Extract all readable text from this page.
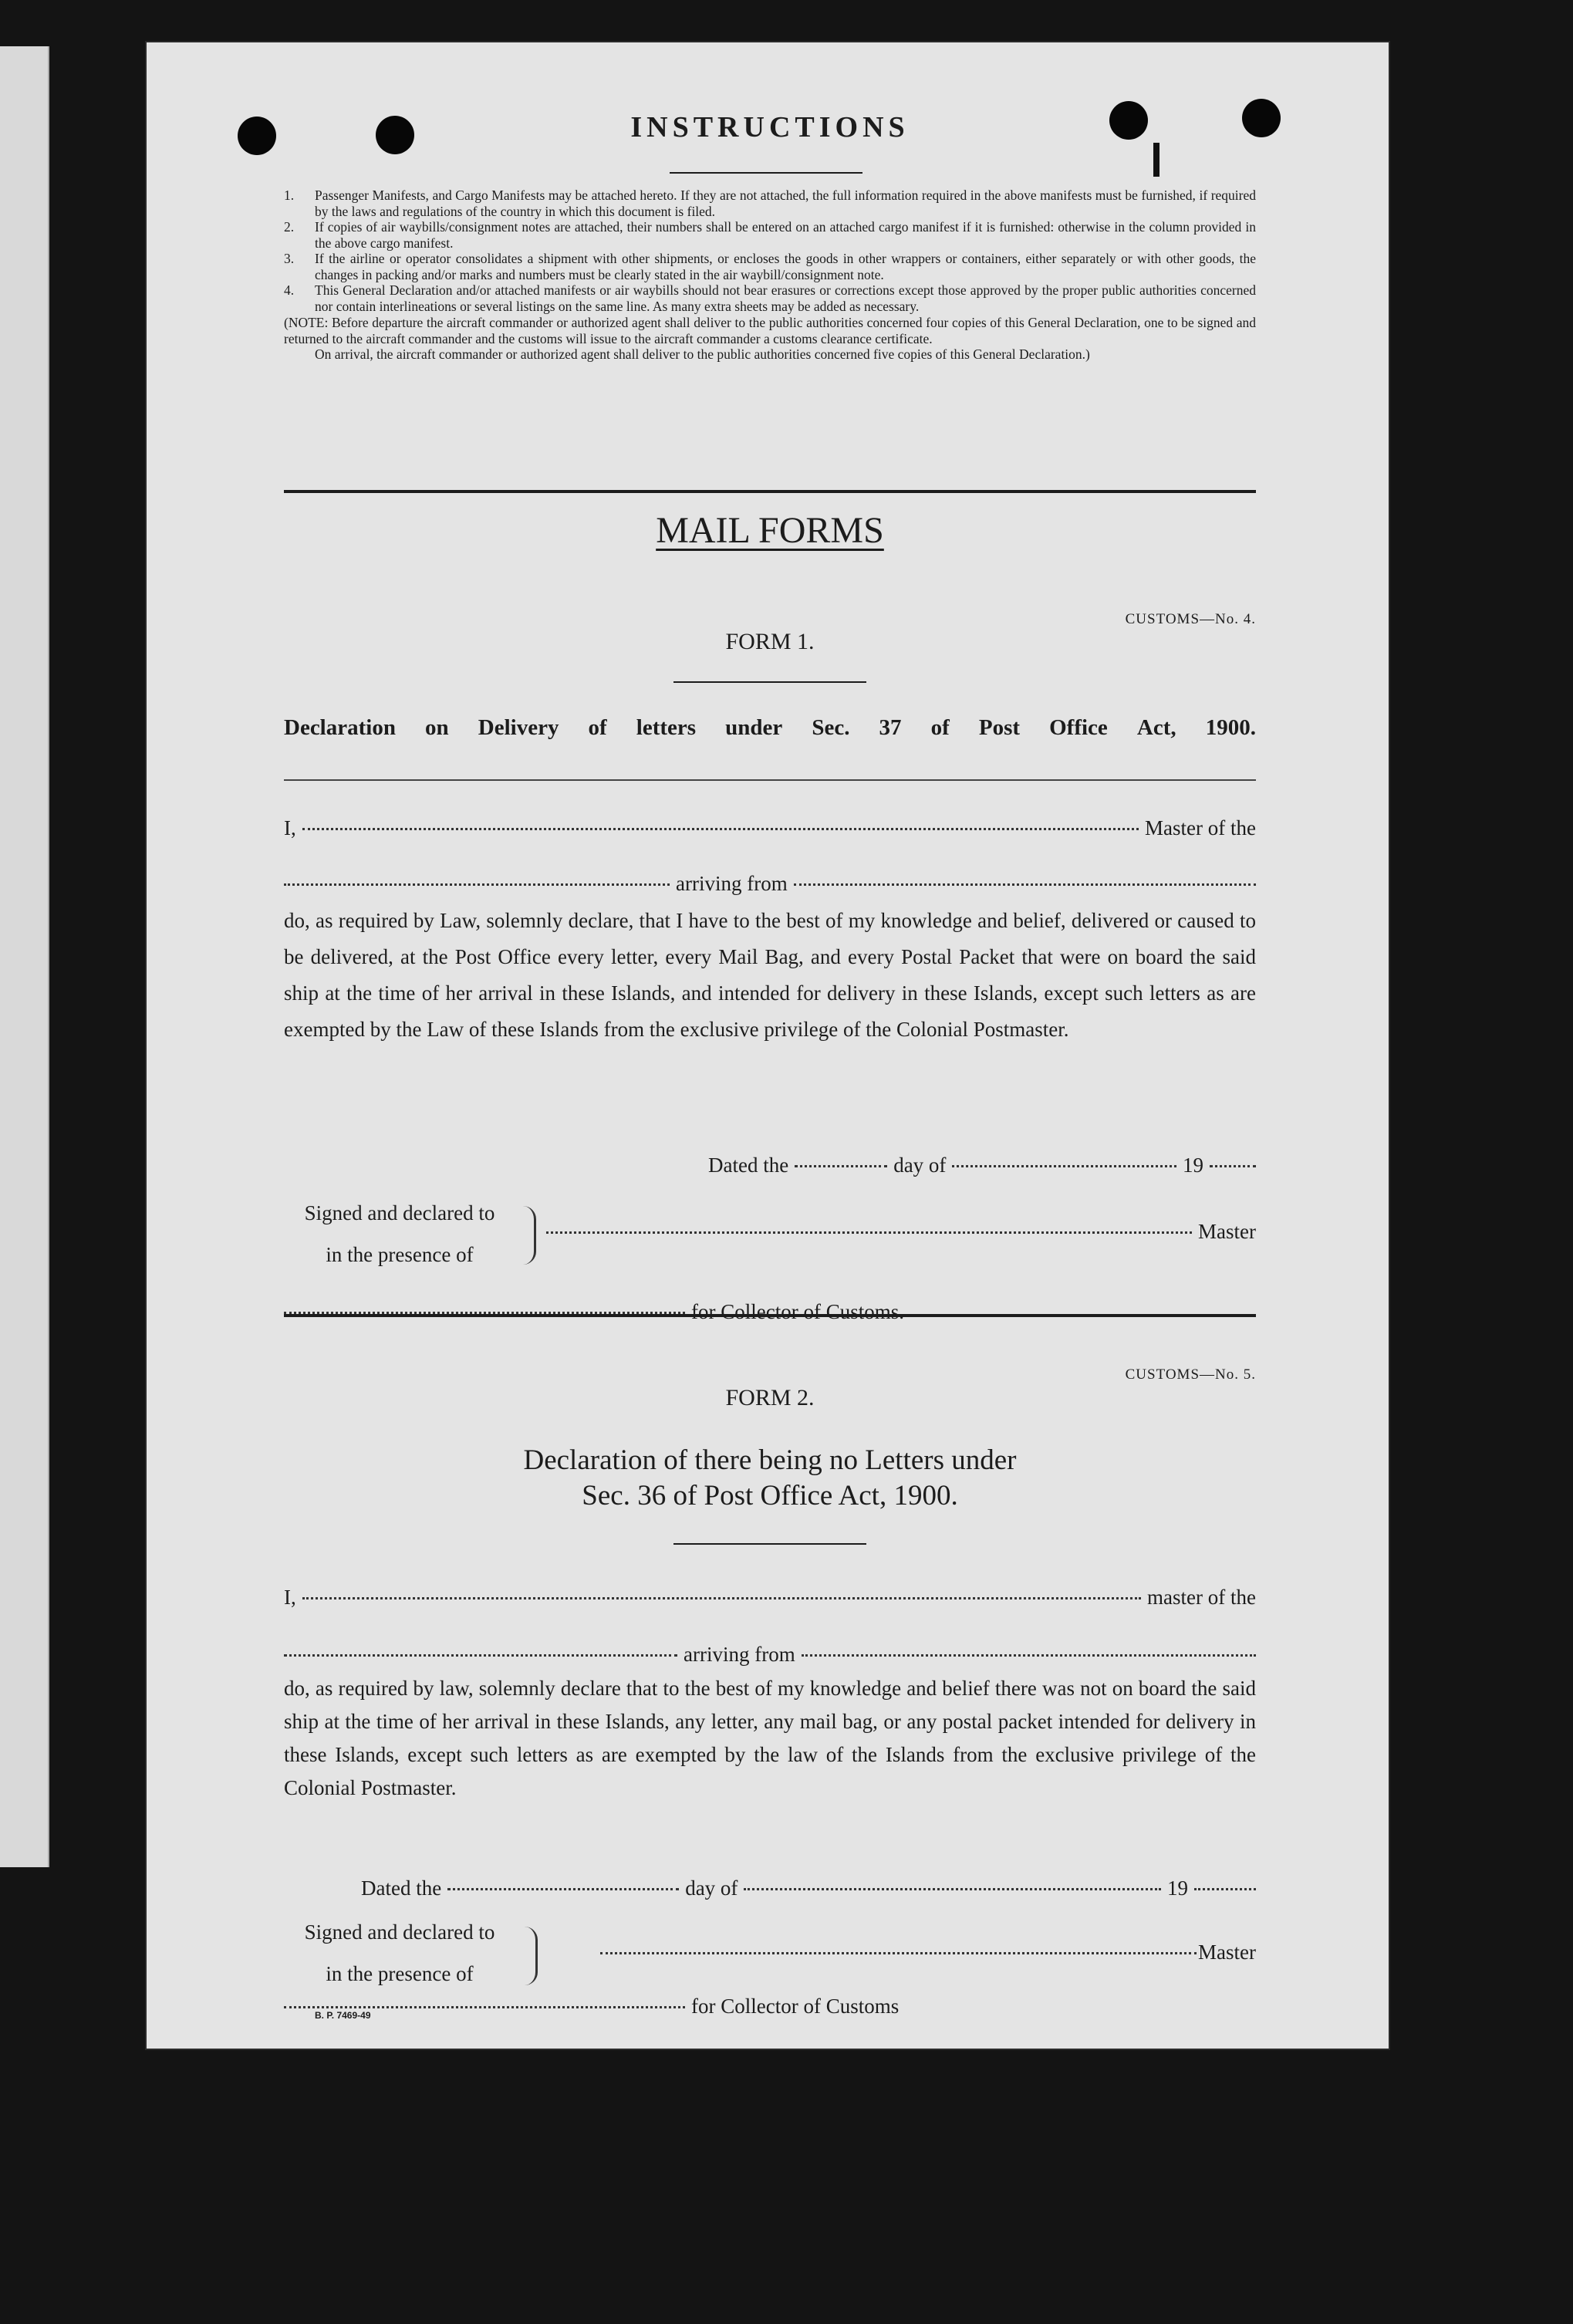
INSTRUCTIONS
1.	Passenger Manifests, and Cargo Manifests may be attached hereto. If they are not attached, the full information required in the above manifests must be furnished, if required by the laws and regulations of the country in which this document is filed.
2.	If copies of air waybills/consignment notes are attached, their numbers shall be entered on an attached cargo manifest if it is furnished: otherwise in the column provided in the above cargo manifest.
3.	If the airline or operator consolidates a shipment with other shipments, or encloses the goods in other wrappers or containers, either separately or with other goods, the changes in packing and/or marks and numbers must be clearly stated in the air waybill/consignment note.
4.	This General Declaration and/or attached manifests or air waybills should not bear erasures or corrections except those approved by the proper public authorities concerned nor contain interlineations or several listings on the same line. As many extra sheets may be added as necessary.
(NOTE: Before departure the aircraft commander or authorized agent shall deliver to the public authorities concerned four copies of this General Declaration, one to be signed and returned to the aircraft commander and the customs will issue to the aircraft commander a customs clearance certificate.
On arrival, the aircraft commander or authorized agent shall deliver to the public authorities concerned five copies of this General Declaration.)
MAIL FORMS
CUSTOMS—No. 4.
FORM 1.
Declaration on Delivery of letters under Sec. 37 of Post Office Act, 1900.
I,	Master of the
arriving from
do, as required by Law, solemnly declare, that I have to the best of my knowledge and belief, delivered or caused to be delivered, at the Post Office every letter, every Mail Bag, and every Postal Packet that were on board the said ship at the time of her arrival in these Islands, and intended for delivery in these Islands, except such letters as are exempted by the Law of these Islands from the exclusive privilege of the Colonial Postmaster.
Dated the	day of	19
Signed and declared to
in the presence of
Master
for Collector of Customs.
CUSTOMS—No. 5.
FORM 2.
Declaration of there being no Letters under
Sec. 36 of Post Office Act, 1900.
I,	master of the
arriving from
do, as required by law, solemnly declare that to the best of my knowledge and belief there was not on board the said ship at the time of her arrival in these Islands, any letter, any mail bag, or any postal packet intended for delivery in these Islands, except such letters as are exempted by the law of the Islands from the exclusive privilege of the Colonial Postmaster.
Dated the	day of	19
Signed and declared to
in the presence of
Master
for Collector of Customs
B. P. 7469-49
